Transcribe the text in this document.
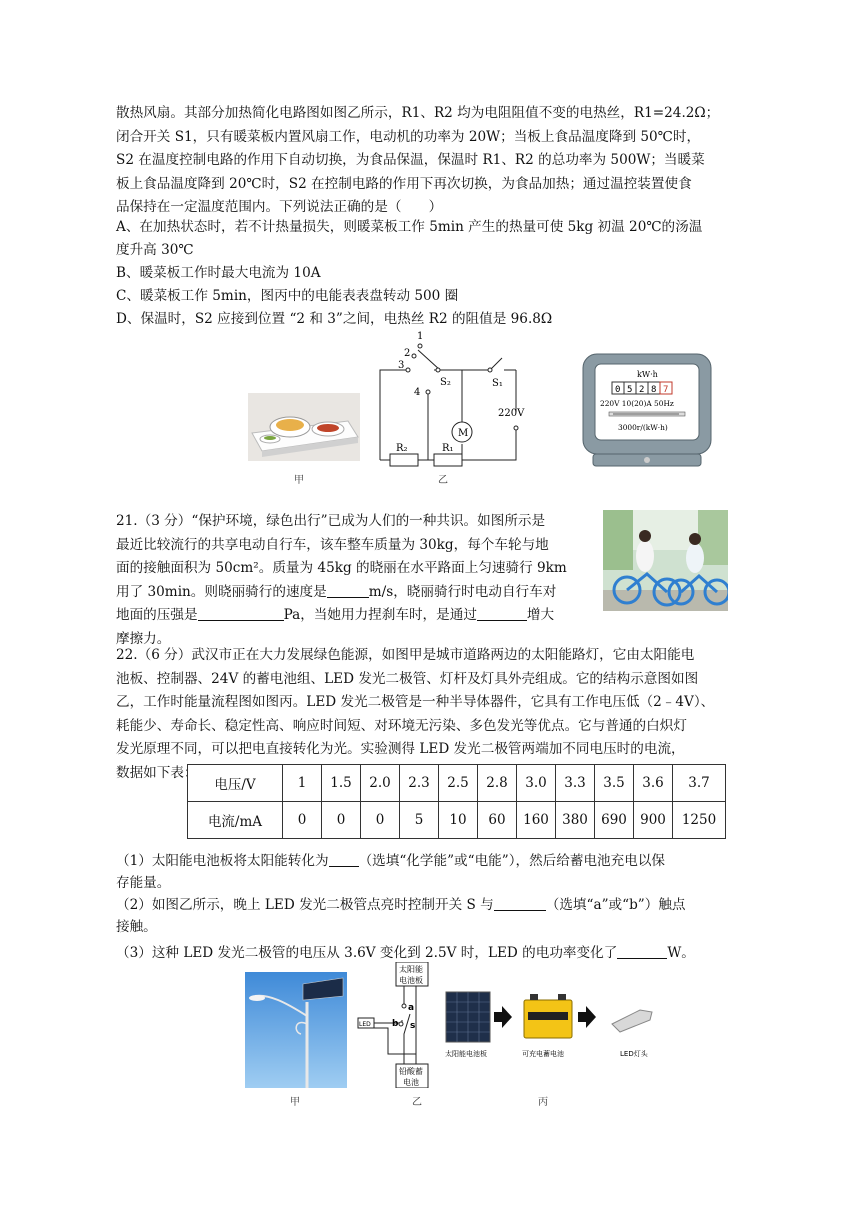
散热风扇。其部分加热简化电路图如图乙所示，R1、R2 均为电阻阻值不变的电热丝，R1=24.2Ω；

闭合开关 S1，只有暖菜板内置风扇工作，电动机的功率为 20W；当板上食品温度降到 50℃时，

S2 在温度控制电路的作用下自动切换，为食品保温，保温时 R1、R2 的总功率为 500W；当暖菜

板上食品温度降到 20℃时，S2 在控制电路的作用下再次切换，为食品加热；通过温控装置使食

品保持在一定温度范围内。下列说法正确的是（　　）

A、在加热状态时，若不计热量损失，则暖菜板工作 5min 产生的热量可使 5kg 初温 20℃的汤温
度升高 30℃
B、暖菜板工作时最大电流为 10A
C、暖菜板工作 5min，图丙中的电能表表盘转动 500 圈
D、保温时，S2 应接到位置 “2 和 3”之间，电热丝 R2 的阻值是 96.8Ω
甲
1
2
3
4
S₂	S₁
220V
M
R₂	R₁
乙
kW·h
0 5 2 8 7
220V 10(20)A 50Hz
3000r/(kW·h)

21.（3 分）“保护环境，绿色出行”已成为人们的一种共识。如图所示是

最近比较流行的共享电动自行车，该车整车质量为 30kg，每个车轮与地

面的接触面积为 50cm²。质量为 45kg 的晓丽在水平路面上匀速骑行 9km

用了 30min。则晓丽骑行的速度是	m/s，晓丽骑行时电动自行车对

地面的压强是	Pa，当她用力捏刹车时，是通过	增大

摩擦力。

22.（6 分）武汉市正在大力发展绿色能源，如图甲是城市道路两边的太阳能路灯，它由太阳能电

池板、控制器、24V 的蓄电池组、LED 发光二极管、灯杆及灯具外壳组成。它的结构示意图如图

乙，工作时能量流程图如图丙。LED 发光二极管是一种半导体器件，它具有工作电压低（2﹣4V）、

耗能少、寿命长、稳定性高、响应时间短、对环境无污染、多色发光等优点。它与普通的白炽灯

发光原理不同，可以把电直接转化为光。实验测得 LED 发光二极管两端加不同电压时的电流，

数据如下表：

电压/V	1	1.5	2.0	2.3	2.5	2.8	3.0	3.3	3.5	3.6	3.7
电流/mA	0	0	0	5	10	60	160	380	690	900	1250
（1）太阳能电池板将太阳能转化为 （选填“化学能”或“电能”），然后给蓄电池充电以保
存能量。
（2）如图乙所示，晚上 LED 发光二极管点亮时控制开关 S 与	（选填“a”或“b”）触点
接触。
（3）这种 LED 发光二极管的电压从 3.6V 变化到 2.5V 时，LED 的电功率变化了	W。
甲
太阳能
电池板
铅酸蓄
电池
LED
a
b s
乙
太阳能电池板	可充电蓄电池	LED灯头
丙
